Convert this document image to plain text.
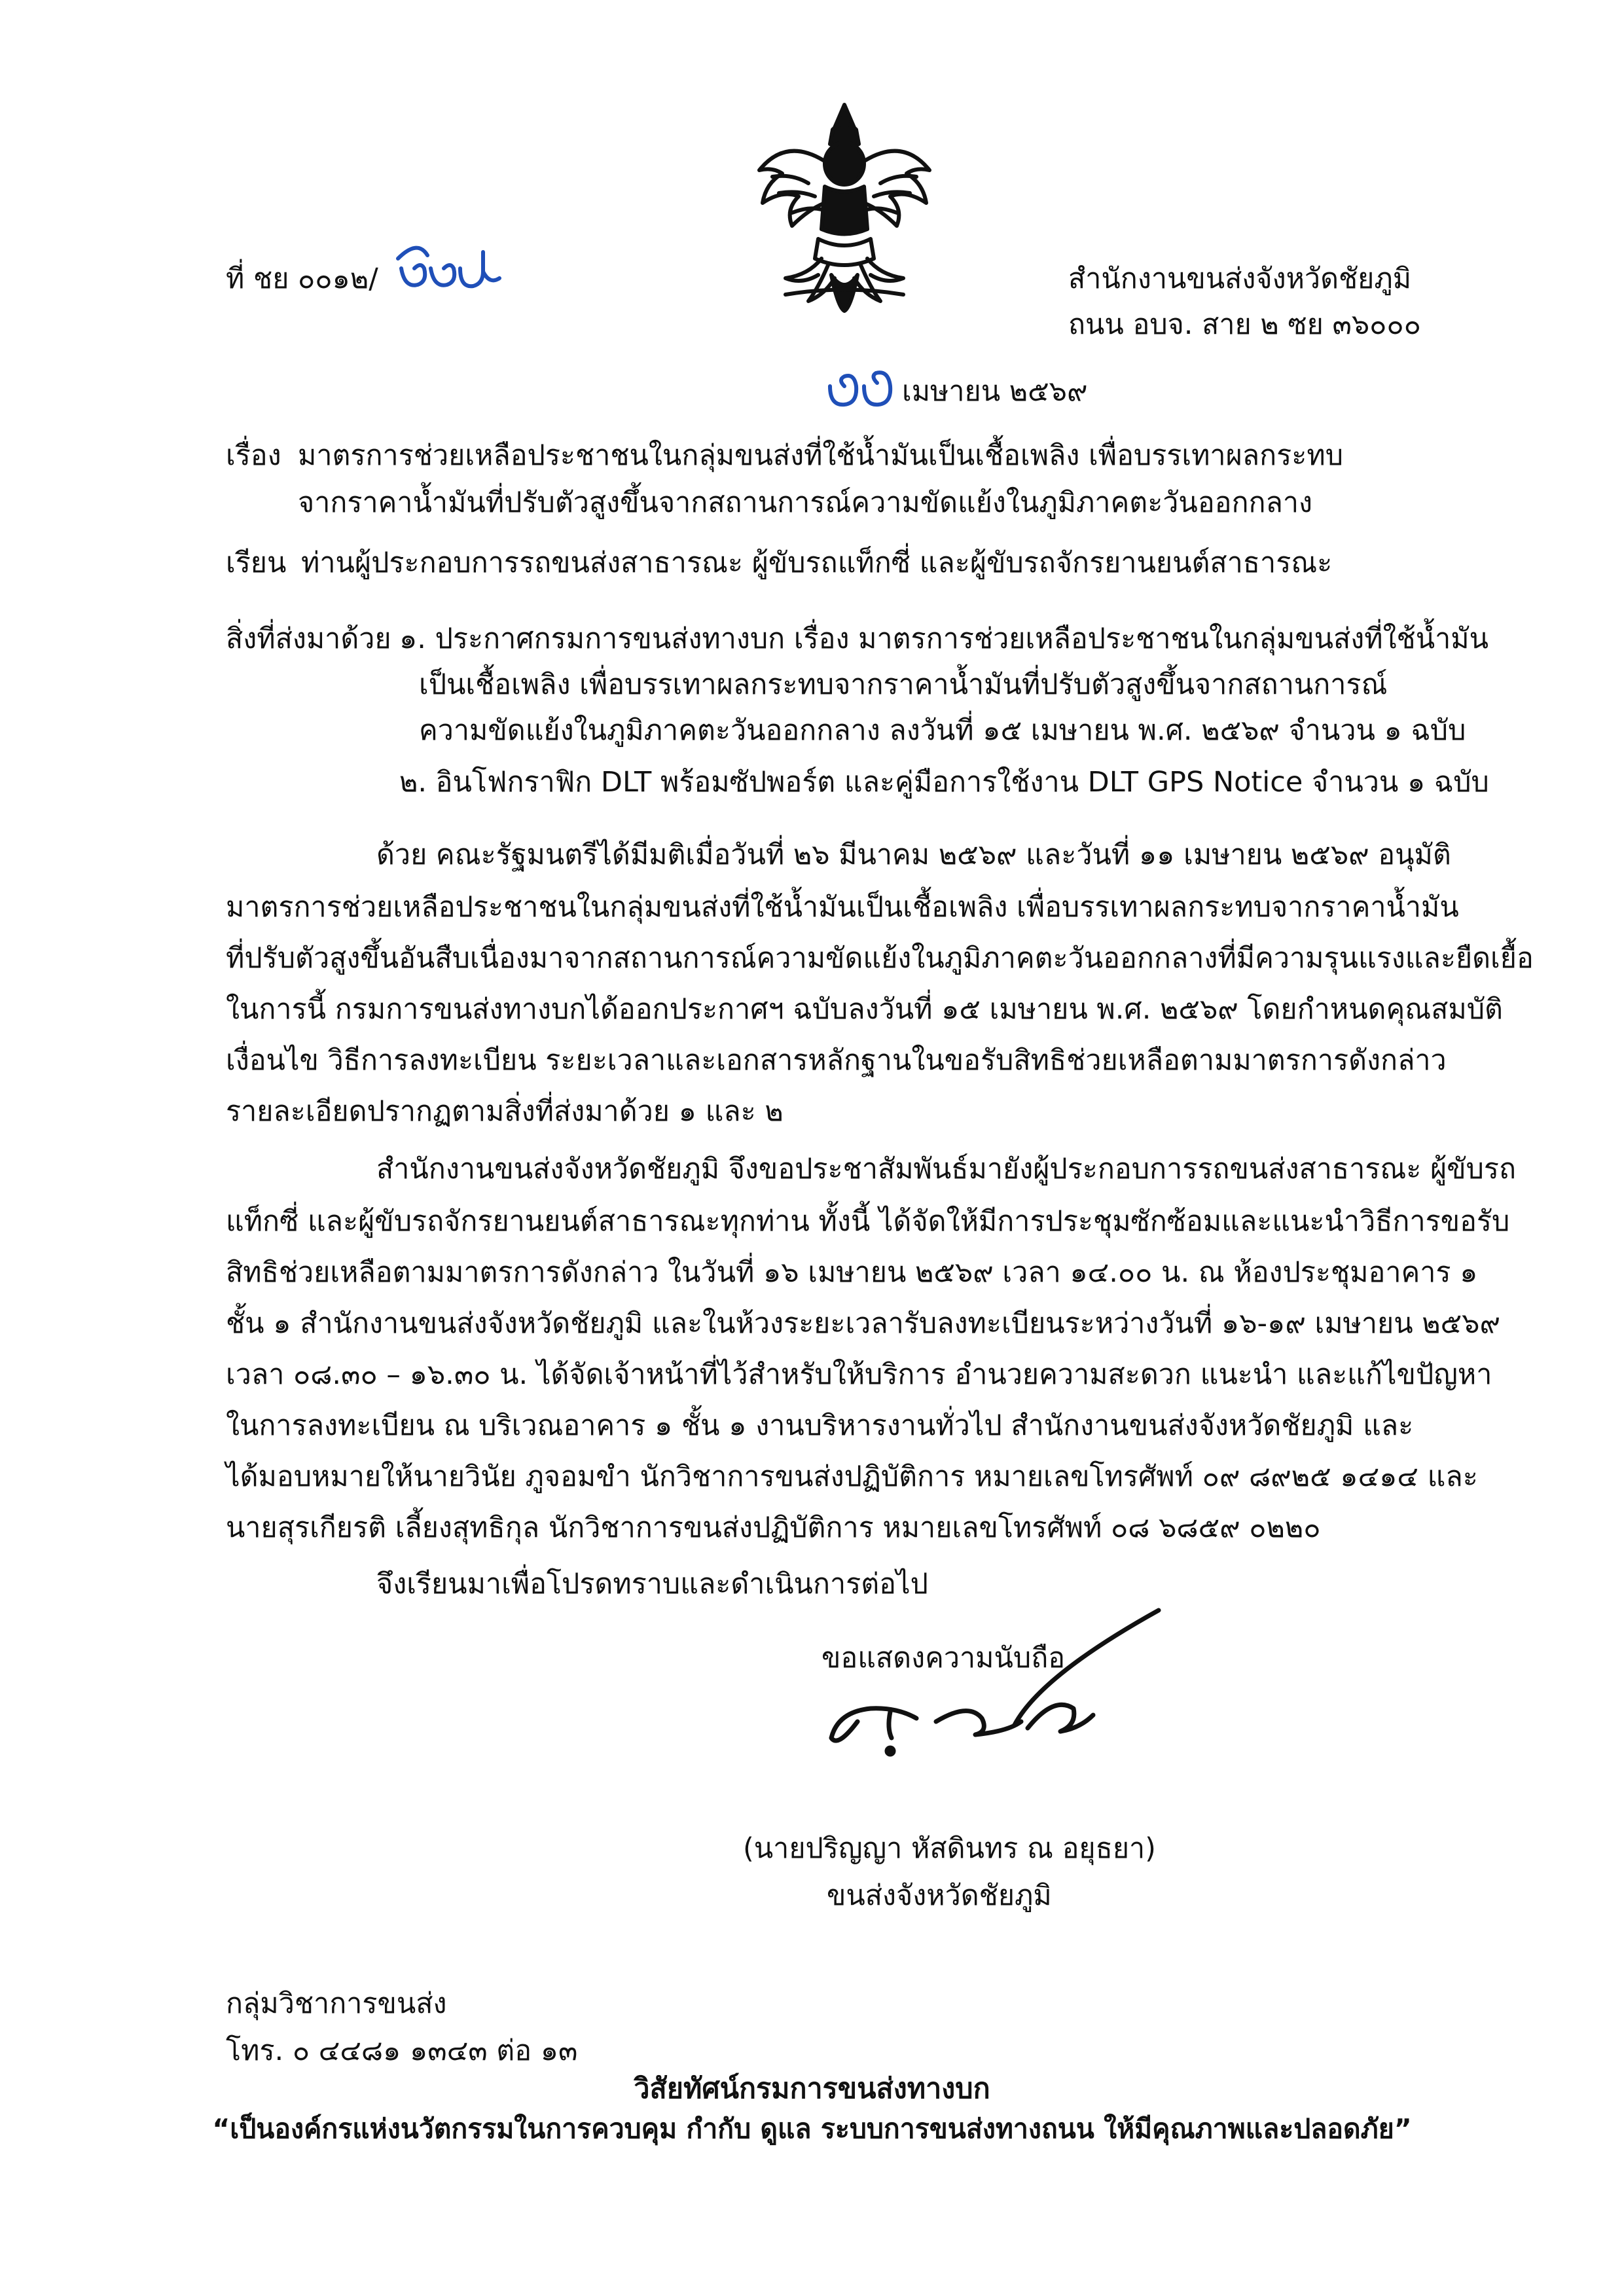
ที่ ชย ๐๐๑๒/	สำนักงานขนส่งจังหวัดชัยภูมิ
ถนน อบจ. สาย ๒ ซย ๓๖๐๐๐
เมษายน ๒๕๖๙
เรื่อง มาตรการช่วยเหลือประชาชนในกลุ่มขนส่งที่ใช้น้ำมันเป็นเชื้อเพลิง เพื่อบรรเทาผลกระทบ
จากราคาน้ำมันที่ปรับตัวสูงขึ้นจากสถานการณ์ความขัดแย้งในภูมิภาคตะวันออกกลาง
เรียน ท่านผู้ประกอบการรถขนส่งสาธารณะ ผู้ขับรถแท็กซี่ และผู้ขับรถจักรยานยนต์สาธารณะ
สิ่งที่ส่งมาด้วย ๑. ประกาศกรมการขนส่งทางบก เรื่อง มาตรการช่วยเหลือประชาชนในกลุ่มขนส่งที่ใช้น้ำมัน
เป็นเชื้อเพลิง เพื่อบรรเทาผลกระทบจากราคาน้ำมันที่ปรับตัวสูงขึ้นจากสถานการณ์
ความขัดแย้งในภูมิภาคตะวันออกกลาง ลงวันที่ ๑๕ เมษายน พ.ศ. ๒๕๖๙ จำนวน ๑ ฉบับ
๒. อินโฟกราฟิก DLT พร้อมซัปพอร์ต และคู่มือการใช้งาน DLT GPS Notice จำนวน ๑ ฉบับ
ด้วย คณะรัฐมนตรีได้มีมติเมื่อวันที่ ๒๖ มีนาคม ๒๕๖๙ และวันที่ ๑๑ เมษายน ๒๕๖๙ อนุมัติ
มาตรการช่วยเหลือประชาชนในกลุ่มขนส่งที่ใช้น้ำมันเป็นเชื้อเพลิง เพื่อบรรเทาผลกระทบจากราคาน้ำมัน
ที่ปรับตัวสูงขึ้นอันสืบเนื่องมาจากสถานการณ์ความขัดแย้งในภูมิภาคตะวันออกกลางที่มีความรุนแรงและยืดเยื้อ
ในการนี้ กรมการขนส่งทางบกได้ออกประกาศฯ ฉบับลงวันที่ ๑๕ เมษายน พ.ศ. ๒๕๖๙ โดยกำหนดคุณสมบัติ
เงื่อนไข วิธีการลงทะเบียน ระยะเวลาและเอกสารหลักฐานในขอรับสิทธิช่วยเหลือตามมาตรการดังกล่าว
รายละเอียดปรากฏตามสิ่งที่ส่งมาด้วย ๑ และ ๒
สำนักงานขนส่งจังหวัดชัยภูมิ จึงขอประชาสัมพันธ์มายังผู้ประกอบการรถขนส่งสาธารณะ ผู้ขับรถ
แท็กซี่ และผู้ขับรถจักรยานยนต์สาธารณะทุกท่าน ทั้งนี้ ได้จัดให้มีการประชุมซักซ้อมและแนะนำวิธีการขอรับ
สิทธิช่วยเหลือตามมาตรการดังกล่าว ในวันที่ ๑๖ เมษายน ๒๕๖๙ เวลา ๑๔.๐๐ น. ณ ห้องประชุมอาคาร ๑
ชั้น ๑ สำนักงานขนส่งจังหวัดชัยภูมิ และในห้วงระยะเวลารับลงทะเบียนระหว่างวันที่ ๑๖-๑๙ เมษายน ๒๕๖๙
เวลา ๐๘.๓๐ – ๑๖.๓๐ น. ได้จัดเจ้าหน้าที่ไว้สำหรับให้บริการ อำนวยความสะดวก แนะนำ และแก้ไขปัญหา
ในการลงทะเบียน ณ บริเวณอาคาร ๑ ชั้น ๑ งานบริหารงานทั่วไป สำนักงานขนส่งจังหวัดชัยภูมิ และ
ได้มอบหมายให้นายวินัย ภูจอมขำ นักวิชาการขนส่งปฏิบัติการ หมายเลขโทรศัพท์ ๐๙ ๘๙๒๕ ๑๔๑๔ และ
นายสุรเกียรติ เลี้ยงสุทธิกุล นักวิชาการขนส่งปฏิบัติการ หมายเลขโทรศัพท์ ๐๘ ๖๘๕๙ ๐๒๒๐
จึงเรียนมาเพื่อโปรดทราบและดำเนินการต่อไป
ขอแสดงความนับถือ
(นายปริญญา หัสดินทร ณ อยุธยา)
ขนส่งจังหวัดชัยภูมิ
กลุ่มวิชาการขนส่ง
โทร. ๐ ๔๔๘๑ ๑๓๔๓ ต่อ ๑๓
วิสัยทัศน์กรมการขนส่งทางบก
“เป็นองค์กรแห่งนวัตกรรมในการควบคุม กำกับ ดูแล ระบบการขนส่งทางถนน ให้มีคุณภาพและปลอดภัย”
